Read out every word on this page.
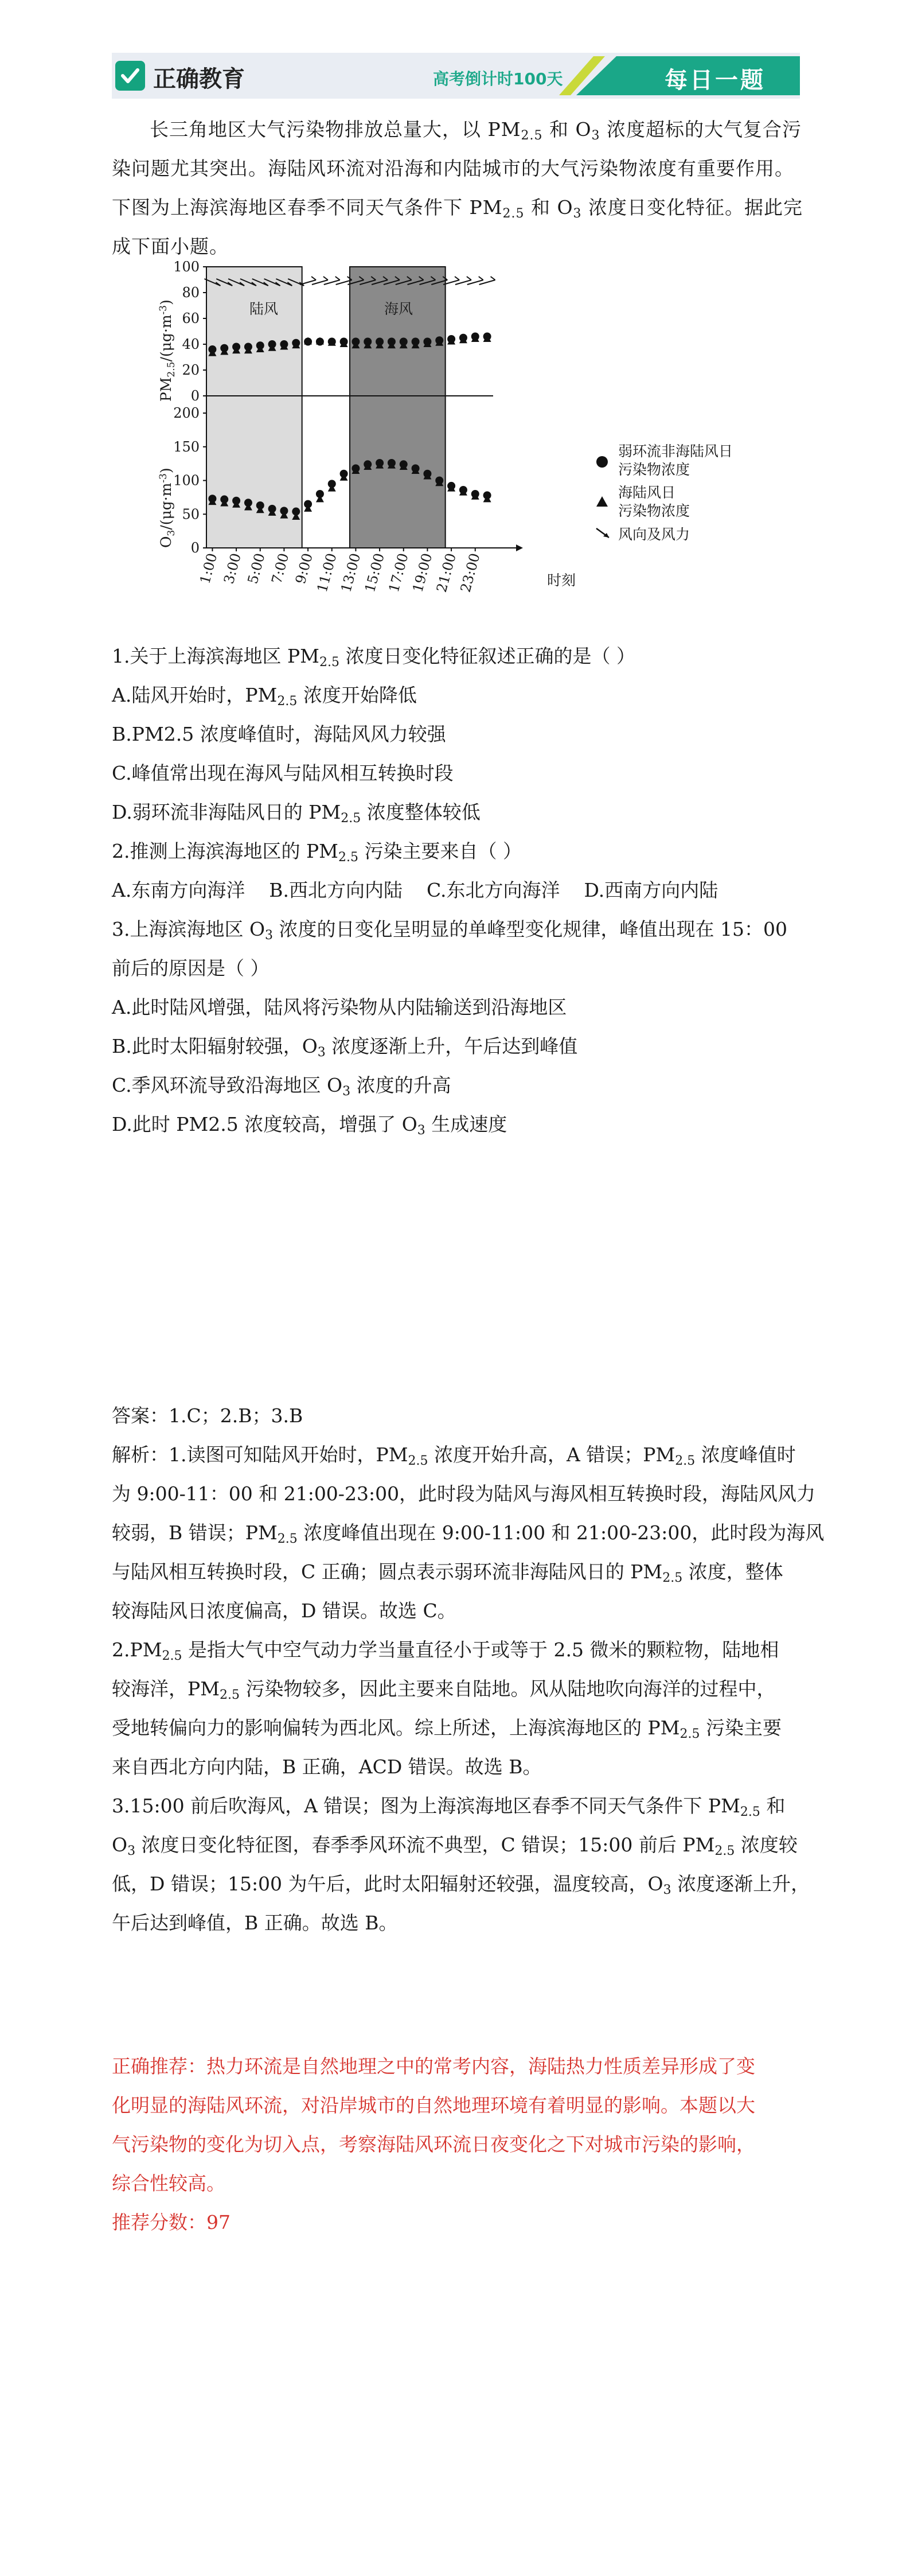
正确教育	高考倒计时100天	每日一题
长三角地区大气污染物排放总量大，以 $PM_{2.5}$ 和 $O_3$ 浓度超标的大气复合污
染问题尤其突出。海陆风环流对沿海和内陆城市的大气污染物浓度有重要作用。
下图为上海滨海地区春季不同天气条件下 $PM_{2.5}$ 和 $O_3$ 浓度日变化特征。据此完
成下面小题。
0
20
40
60
80
100
0
50
100
150
200
1:00 3:00 5:00 7:00 9:00
11:00
13:00
15:00
17:00
19:00
21:00
23:00
陆风	海风
$PM_{2.5}/(\mu g\cdot m^{-3})$
$O_3/(\mu g\cdot m^{-3})$
时刻
弱环流非海陆风日
污染物浓度
海陆风日
污染物浓度
风向及风力
1.关于上海滨海地区 $PM_{2.5}$ 浓度日变化特征叙述正确的是（ ）
A.陆风开始时，$PM_{2.5}$ 浓度开始降低
B.PM2.5 浓度峰值时，海陆风风力较强
C.峰值常出现在海风与陆风相互转换时段
D.弱环流非海陆风日的 $PM_{2.5}$ 浓度整体较低
2.推测上海滨海地区的 $PM_{2.5}$ 污染主要来自（ ）
A.东南方向海洋    B.西北方向内陆    C.东北方向海洋    D.西南方向内陆
3.上海滨海地区 $O_3$ 浓度的日变化呈明显的单峰型变化规律，峰值出现在 15：00
前后的原因是（ ）
A.此时陆风增强，陆风将污染物从内陆输送到沿海地区
B.此时太阳辐射较强，$O_3$ 浓度逐渐上升，午后达到峰值
C.季风环流导致沿海地区 $O_3$ 浓度的升高
D.此时 PM2.5 浓度较高，增强了 $O_3$ 生成速度
答案：1.C；2.B；3.B
解析：1.读图可知陆风开始时，$PM_{2.5}$ 浓度开始升高，A 错误；$PM_{2.5}$ 浓度峰值时
为 9:00-11：00 和 21:00-23:00，此时段为陆风与海风相互转换时段，海陆风风力
较弱，B 错误；$PM_{2.5}$ 浓度峰值出现在 9:00-11:00 和 21:00-23:00，此时段为海风
与陆风相互转换时段，C 正确；圆点表示弱环流非海陆风日的 $PM_{2.5}$ 浓度，整体
较海陆风日浓度偏高，D 错误。故选 C。
$2.PM_{2.5}$ 是指大气中空气动力学当量直径小于或等于 2.5 微米的颗粒物，陆地相
较海洋，$PM_{2.5}$ 污染物较多，因此主要来自陆地。风从陆地吹向海洋的过程中，
受地转偏向力的影响偏转为西北风。综上所述，上海滨海地区的 $PM_{2.5}$ 污染主要
来自西北方向内陆，B 正确，ACD 错误。故选 B。
3.15:00 前后吹海风，A 错误；图为上海滨海地区春季不同天气条件下 $PM_{2.5}$ 和
$O_3$ 浓度日变化特征图，春季季风环流不典型，C 错误；15:00 前后 $PM_{2.5}$ 浓度较
低，D 错误；15:00 为午后，此时太阳辐射还较强，温度较高，$O_3$ 浓度逐渐上升，
午后达到峰值，B 正确。故选 B。
正确推荐：热力环流是自然地理之中的常考内容，海陆热力性质差异形成了变
化明显的海陆风环流，对沿岸城市的自然地理环境有着明显的影响。本题以大
气污染物的变化为切入点，考察海陆风环流日夜变化之下对城市污染的影响，
综合性较高。
推荐分数：97
